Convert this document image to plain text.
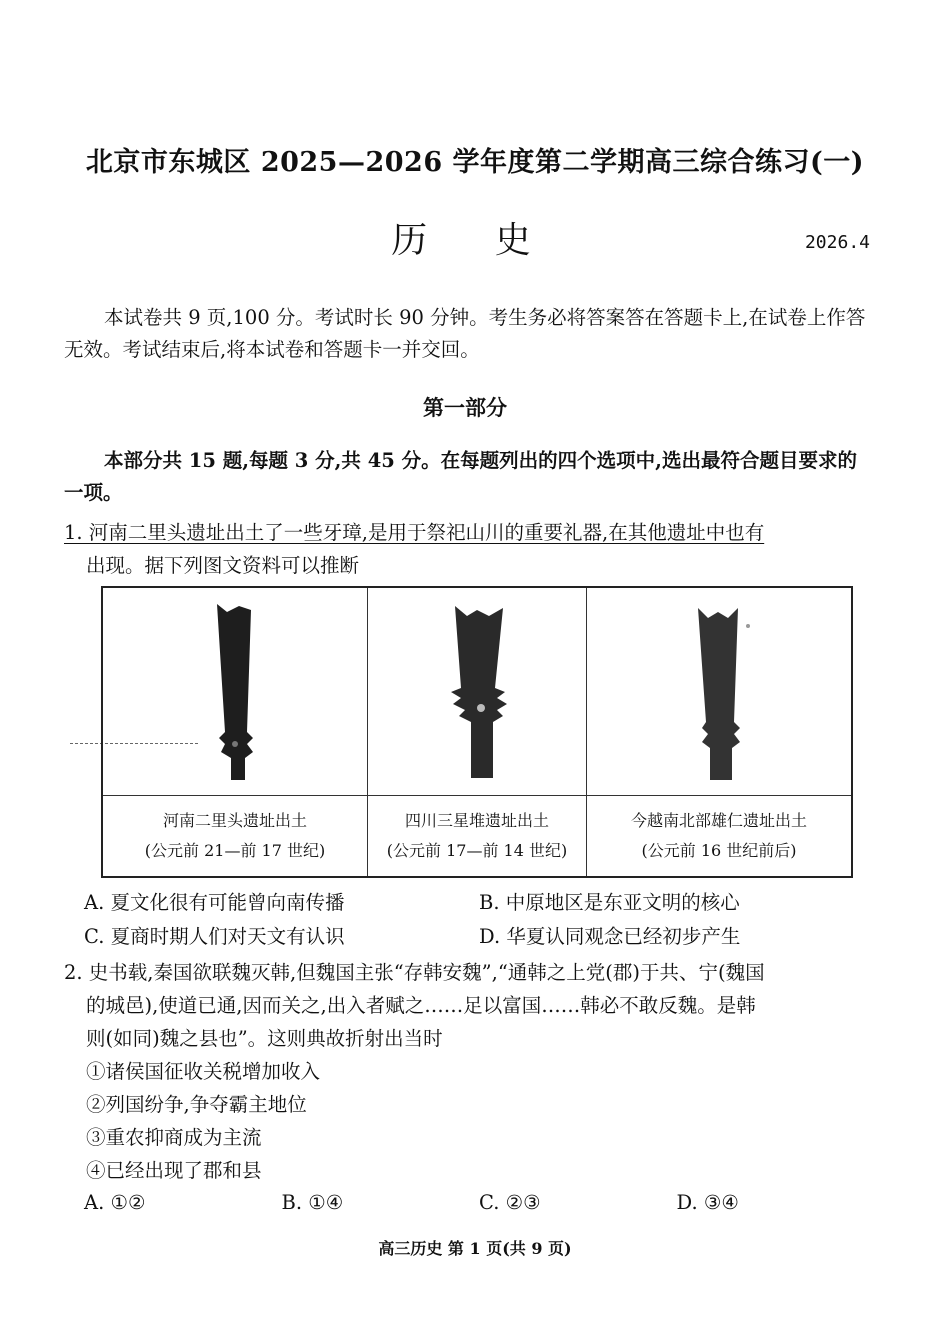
北京市东城区 2025—2026 学年度第二学期高三综合练习(一)
历 史	2026.4
本试卷共 9 页,100 分。考试时长 90 分钟。考生务必将答案答在答题卡上,在试卷上作答无效。考试结束后,将本试卷和答题卡一并交回。
第一部分
本部分共 15 题,每题 3 分,共 45 分。在每题列出的四个选项中,选出最符合题目要求的一项。
1. 河南二里头遗址出土了一些牙璋,是用于祭祀山川的重要礼器,在其他遗址中也有
出现。据下列图文资料可以推断
河南二里头遗址出土
(公元前 21—前 17 世纪)
四川三星堆遗址出土
(公元前 17—前 14 世纪)
今越南北部雄仁遗址出土
(公元前 16 世纪前后)
A. 夏文化很有可能曾向南传播	B. 中原地区是东亚文明的核心
C. 夏商时期人们对天文有认识	D. 华夏认同观念已经初步产生
2. 史书载,秦国欲联魏灭韩,但魏国主张“存韩安魏”,“通韩之上党(郡)于共、宁(魏国
的城邑),使道已通,因而关之,出入者赋之……足以富国……韩必不敢反魏。是韩
则(如同)魏之县也”。这则典故折射出当时
①诸侯国征收关税增加收入
②列国纷争,争夺霸主地位
③重农抑商成为主流
④已经出现了郡和县
A. ①②	B. ①④	C. ②③	D. ③④
高三历史 第 1 页(共 9 页)
